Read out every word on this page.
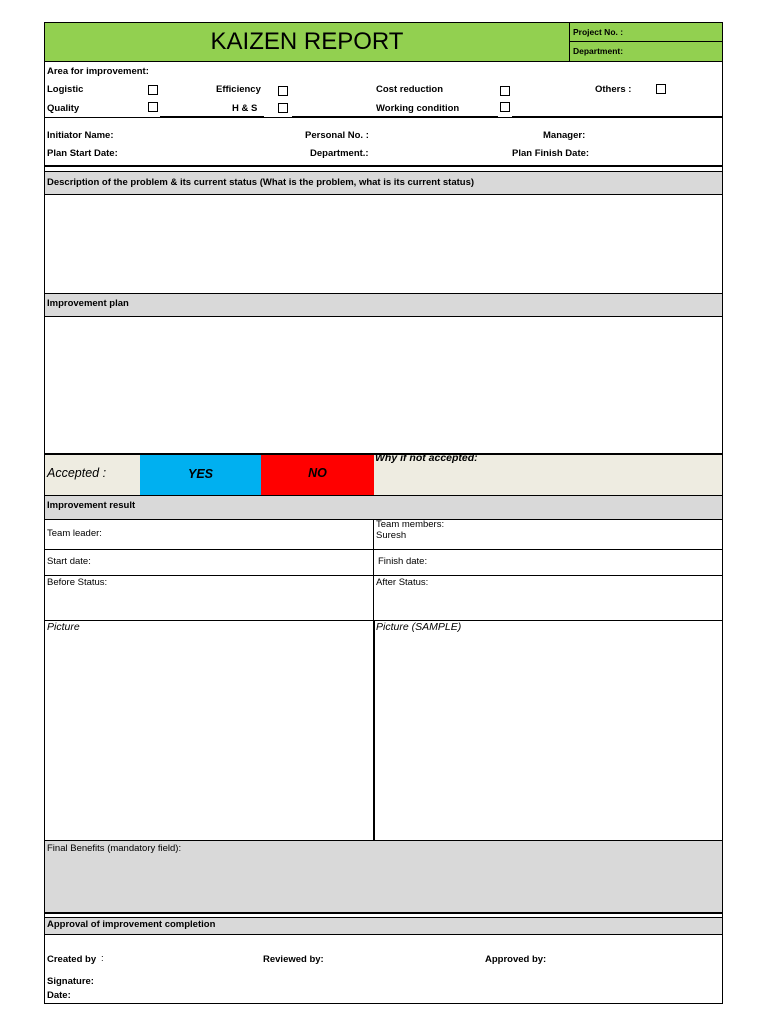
KAIZEN REPORT	Project No. :
Department:
Area for improvement:
Logistic	Efficiency	Cost reduction	Others :
Quality	H & S	Working condition
Initiator Name:	Personal No. :	Manager:
Plan Start Date:	Department.:	Plan Finish Date:
Description of the problem & its current status (What is the problem, what is its current status)
Improvement plan
Accepted :	YES	NO
Why if not accepted:
Improvement result
Team leader:
Team members:
Suresh
Start date:	Finish date:
Before Status:	After Status:
Picture	Picture (SAMPLE)
Final Benefits (mandatory field):
Approval of improvement completion
Created by :	Reviewed by:	Approved by:
Signature:
Date:
